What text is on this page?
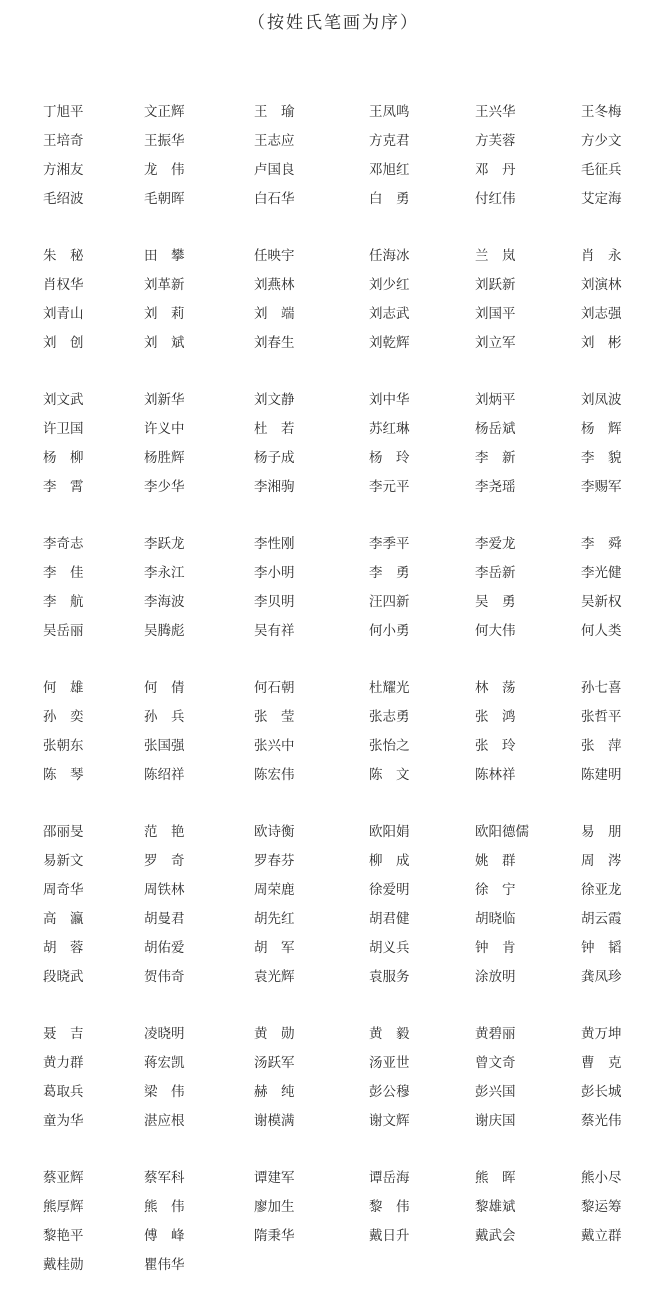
（按姓氏笔画为序）
丁旭平	文正辉	王　瑜	王凤鸣	王兴华	王冬梅
王培奇	王振华	王志应	方克君	方芙蓉	方少文
方湘友	龙　伟	卢国良	邓旭红	邓　丹	毛征兵
毛绍波	毛朝晖	白石华	白　勇	付红伟	艾定海
朱　秘	田　攀	任映宇	任海冰	兰　岚	肖　永
肖权华	刘革新	刘燕林	刘少红	刘跃新	刘演林
刘青山	刘　莉	刘　端	刘志武	刘国平	刘志强
刘　创	刘　斌	刘春生	刘乾辉	刘立军	刘　彬
刘文武	刘新华	刘文静	刘中华	刘炳平	刘凤波
许卫国	许义中	杜　若	苏红琳	杨岳斌	杨　辉
杨　柳	杨胜辉	杨子成	杨　玲	李　新	李　貌
李　霄	李少华	李湘驹	李元平	李尧瑶	李赐军
李奇志	李跃龙	李性刚	李季平	李爱龙	李　舜
李　佳	李永江	李小明	李　勇	李岳新	李光健
李　航	李海波	李贝明	汪四新	吴　勇	吴新权
吴岳丽	吴腾彪	吴有祥	何小勇	何大伟	何人类
何　雄	何　倩	何石朝	杜耀光	林　荡	孙七喜
孙　奕	孙　兵	张　莹	张志勇	张　鸿	张哲平
张朝东	张国强	张兴中	张怡之	张　玲	张　萍
陈　琴	陈绍祥	陈宏伟	陈　文	陈林祥	陈建明
邵丽旻	范　艳	欧诗衡	欧阳娟	欧阳德儒	易　朋
易新文	罗　奇	罗春芬	柳　成	姚　群	周　涔
周奇华	周铁林	周荣鹿	徐爱明	徐　宁	徐亚龙
高　瀛	胡曼君	胡先红	胡君健	胡晓临	胡云霞
胡　蓉	胡佑爱	胡　军	胡义兵	钟　肯	钟　韬
段晓武	贺伟奇	袁光辉	袁服务	涂放明	龚凤珍
聂　吉	凌晓明	黄　勋	黄　毅	黄碧丽	黄万坤
黄力群	蒋宏凯	汤跃军	汤亚世	曾文奇	曹　克
葛取兵	梁　伟	赫　纯	彭公穆	彭兴国	彭长城
童为华	湛应根	谢模满	谢文辉	谢庆国	蔡光伟
蔡亚辉	蔡军科	谭建军	谭岳海	熊　晖	熊小尽
熊厚辉	熊　伟	廖加生	黎　伟	黎雄斌	黎运筹
黎艳平	傅　峰	隋秉华	戴日升	戴武会	戴立群
戴桂勋	瞿伟华
